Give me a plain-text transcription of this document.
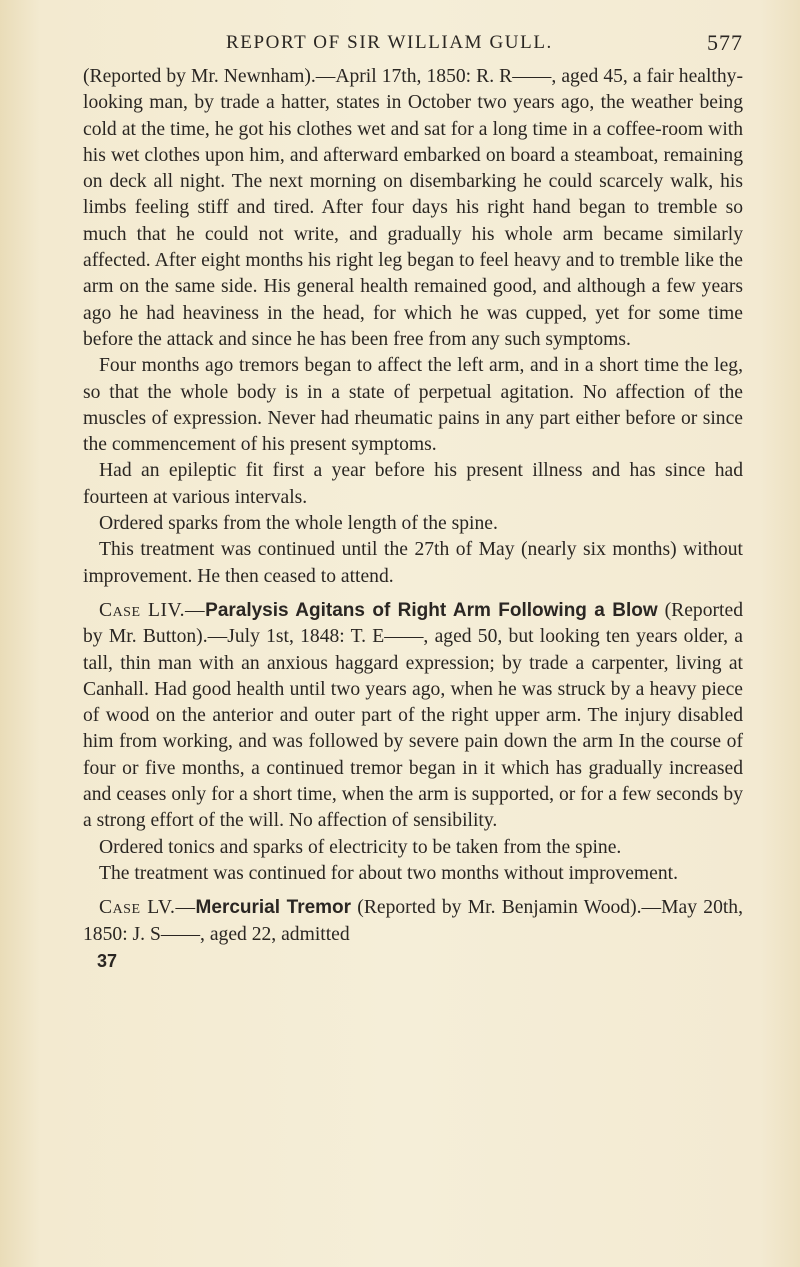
REPORT OF SIR WILLIAM GULL.	577

(Reported by Mr. Newnham).—April 17th, 1850: R. R——, aged 45, a fair healthy-looking man, by trade a hatter, states in October two years ago, the weather being cold at the time, he got his clothes wet and sat for a long time in a coffee-room with his wet clothes upon him, and afterward embarked on board a steamboat, remaining on deck all night. The next morning on disembarking he could scarcely walk, his limbs feeling stiff and tired. After four days his right hand began to tremble so much that he could not write, and gradually his whole arm became similarly affected. After eight months his right leg began to feel heavy and to tremble like the arm on the same side. His general health remained good, and although a few years ago he had heaviness in the head, for which he was cupped, yet for some time before the attack and since he has been free from any such symptoms.

Four months ago tremors began to affect the left arm, and in a short time the leg, so that the whole body is in a state of perpetual agitation. No affection of the muscles of expression. Never had rheumatic pains in any part either before or since the commencement of his present symptoms.

Had an epileptic fit first a year before his present illness and has since had fourteen at various intervals.

Ordered sparks from the whole length of the spine.

This treatment was continued until the 27th of May (nearly six months) without improvement. He then ceased to attend.

Case LIV.—Paralysis Agitans of Right Arm Following a Blow (Reported by Mr. Button).—July 1st, 1848: T. E——, aged 50, but looking ten years older, a tall, thin man with an anxious haggard expression; by trade a carpenter, living at Canhall. Had good health until two years ago, when he was struck by a heavy piece of wood on the anterior and outer part of the right upper arm. The injury disabled him from working, and was followed by severe pain down the arm In the course of four or five months, a continued tremor began in it which has gradually increased and ceases only for a short time, when the arm is supported, or for a few seconds by a strong effort of the will. No affection of sensibility.

Ordered tonics and sparks of electricity to be taken from the spine.

The treatment was continued for about two months without improvement.

Case LV.—Mercurial Tremor (Reported by Mr. Benjamin Wood).—May 20th, 1850: J. S——, aged 22, admitted

37
